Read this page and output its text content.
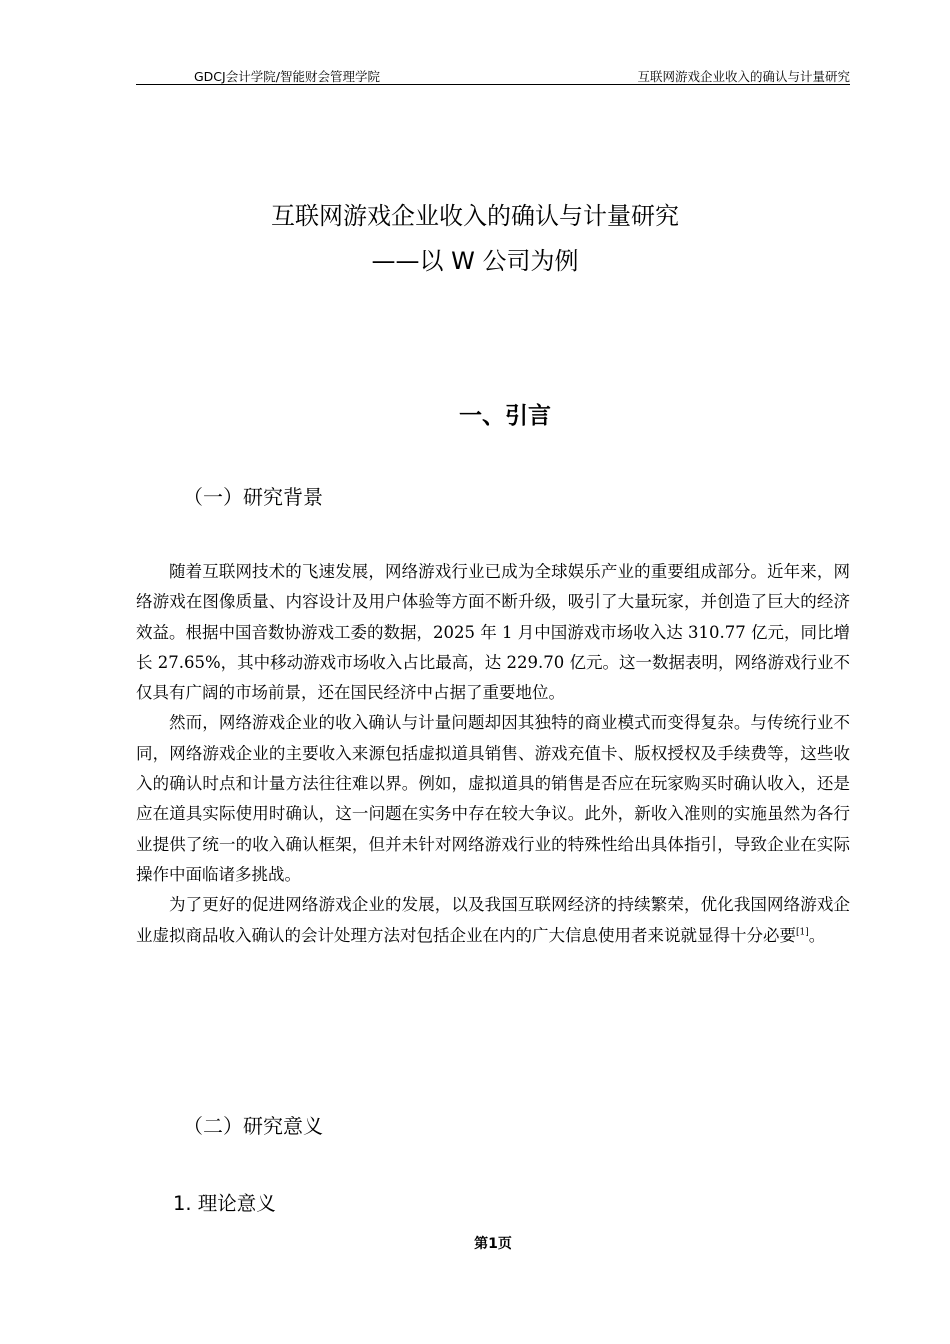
GDCJ会计学院/智能财会管理学院	互联网游戏企业收入的确认与计量研究
互联网游戏企业收入的确认与计量研究
——以 W 公司为例
一、引言
（一）研究背景

随着互联网技术的飞速发展，网络游戏行业已成为全球娱乐产业的重要组成部分。近年来，网络游戏在图像质量、内容设计及用户体验等方面不断升级，吸引了大量玩家，并创造了巨大的经济效益。根据中国音数协游戏工委的数据，2025 年 1 月中国游戏市场收入达 310.77 亿元，同比增长 27.65%，其中移动游戏市场收入占比最高，达 229.70 亿元。这一数据表明，网络游戏行业不仅具有广阔的市场前景，还在国民经济中占据了重要地位。

然而，网络游戏企业的收入确认与计量问题却因其独特的商业模式而变得复杂。与传统行业不同，网络游戏企业的主要收入来源包括虚拟道具销售、游戏充值卡、版权授权及手续费等，这些收入的确认时点和计量方法往往难以界。例如，虚拟道具的销售是否应在玩家购买时确认收入，还是应在道具实际使用时确认，这一问题在实务中存在较大争议。此外，新收入准则的实施虽然为各行业提供了统一的收入确认框架，但并未针对网络游戏行业的特殊性给出具体指引，导致企业在实际操作中面临诸多挑战。

为了更好的促进网络游戏企业的发展，以及我国互联网经济的持续繁荣，优化我国网络游戏企业虚拟商品收入确认的会计处理方法对包括企业在内的广大信息使用者来说就显得十分必要[1]。

（二）研究意义
1. 理论意义
第1页
